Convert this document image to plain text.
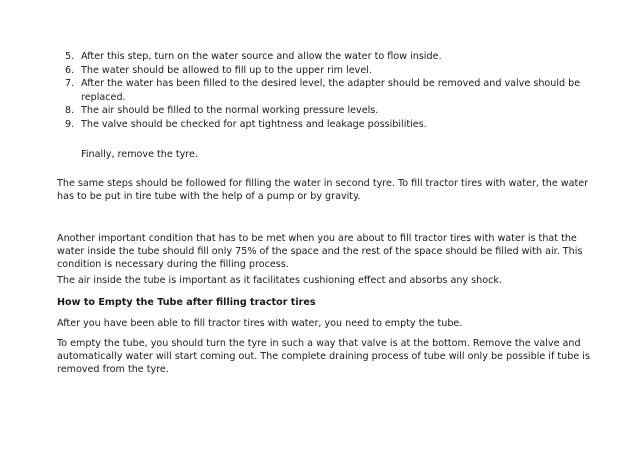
5. After this step, turn on the water source and allow the water to flow inside.
6. The water should be allowed to fill up to the upper rim level.
7. After the water has been filled to the desired level, the adapter should be removed and valve should be replaced.
8. The air should be filled to the normal working pressure levels.
9. The valve should be checked for apt tightness and leakage possibilities.
Finally, remove the tyre.

The same steps should be followed for filling the water in second tyre. To fill tractor tires with water, the water has to be put in tire tube with the help of a pump or by gravity.

Another important condition that has to be met when you are about to fill tractor tires with water is that the water inside the tube should fill only 75% of the space and the rest of the space should be filled with air. This condition is necessary during the filling process.

The air inside the tube is important as it facilitates cushioning effect and absorbs any shock.

How to Empty the Tube after filling tractor tires

After you have been able to fill tractor tires with water, you need to empty the tube.

To empty the tube, you should turn the tyre in such a way that valve is at the bottom. Remove the valve and automatically water will start coming out. The complete draining process of tube will only be possible if tube is removed from the tyre.
